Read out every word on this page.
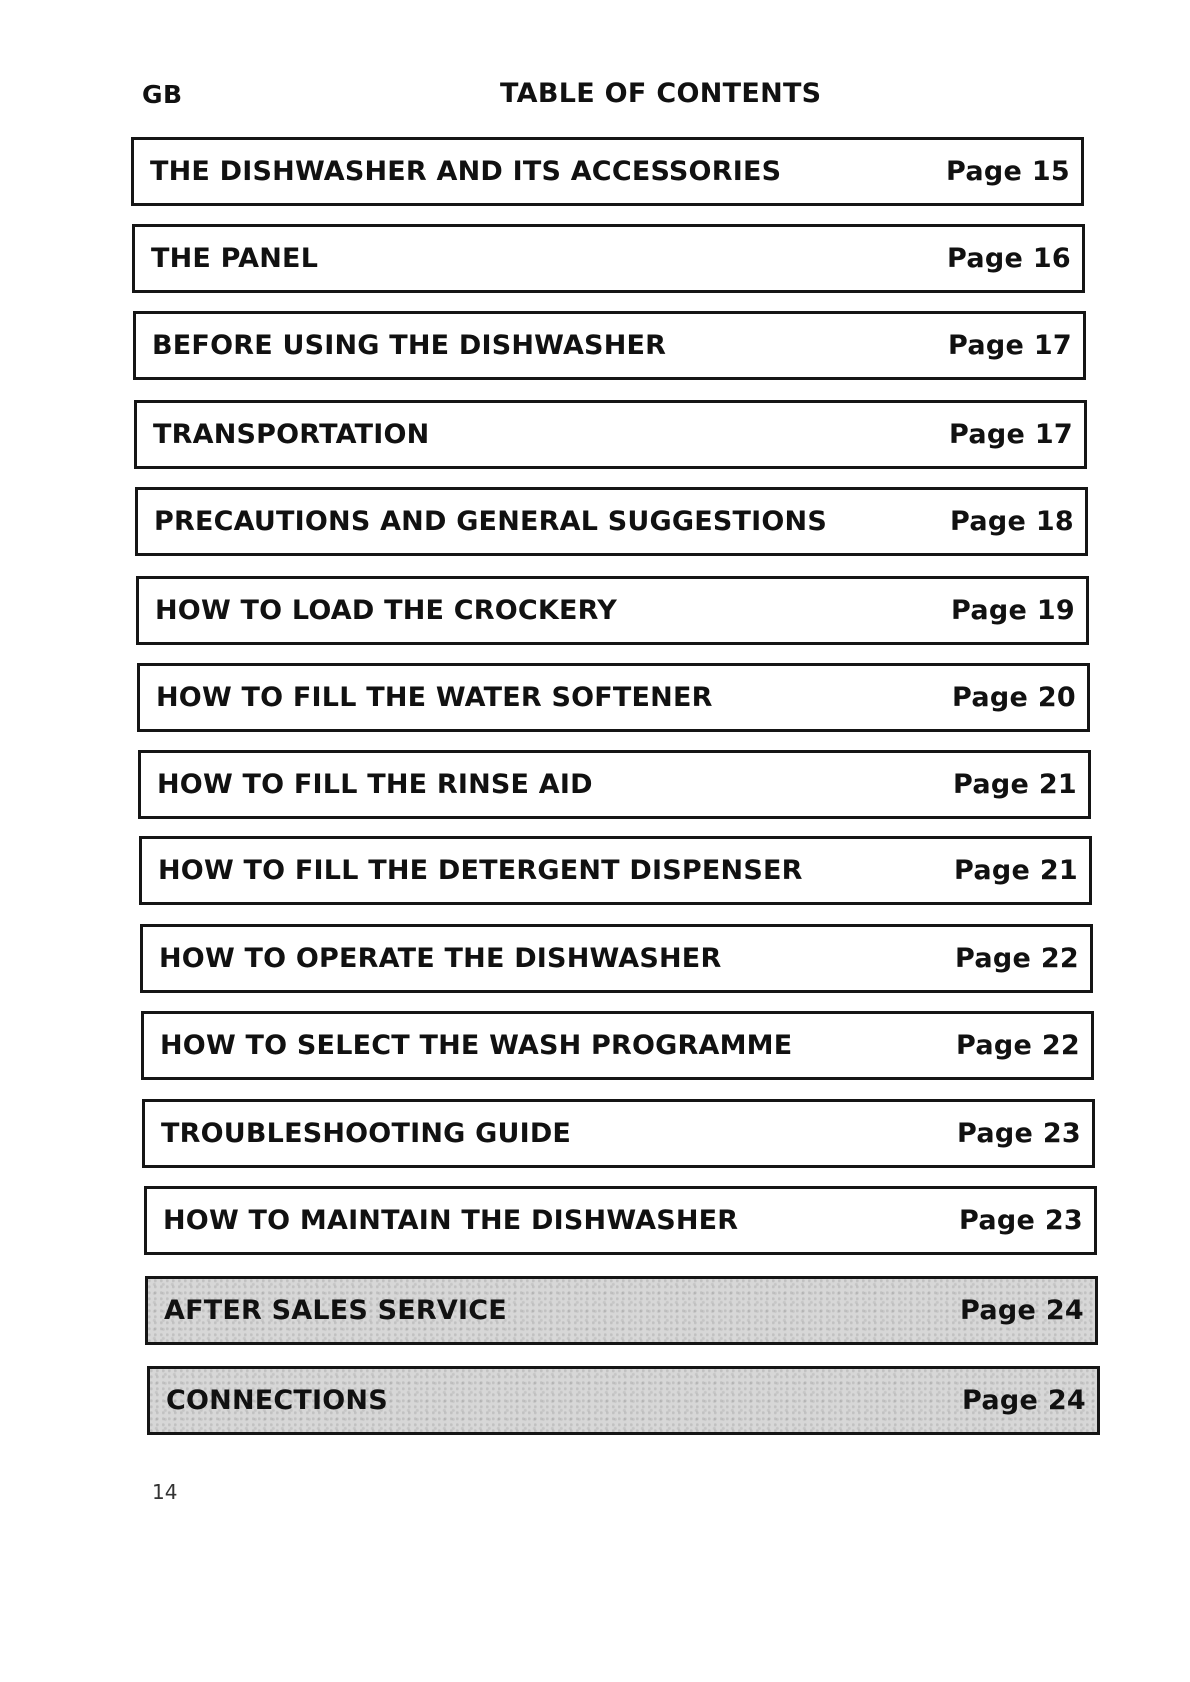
GB	TABLE OF CONTENTS
THE DISHWASHER AND ITS ACCESSORIES	Page 15
THE PANEL	Page 16
BEFORE USING THE DISHWASHER	Page 17
TRANSPORTATION	Page 17
PRECAUTIONS AND GENERAL SUGGESTIONS	Page 18
HOW TO LOAD THE CROCKERY	Page 19
HOW TO FILL THE WATER SOFTENER	Page 20
HOW TO FILL THE RINSE AID	Page 21
HOW TO FILL THE DETERGENT DISPENSER	Page 21
HOW TO OPERATE THE DISHWASHER	Page 22
HOW TO SELECT THE WASH PROGRAMME	Page 22
TROUBLESHOOTING GUIDE	Page 23
HOW TO MAINTAIN THE DISHWASHER	Page 23
AFTER SALES SERVICE	Page 24
CONNECTIONS	Page 24
14
